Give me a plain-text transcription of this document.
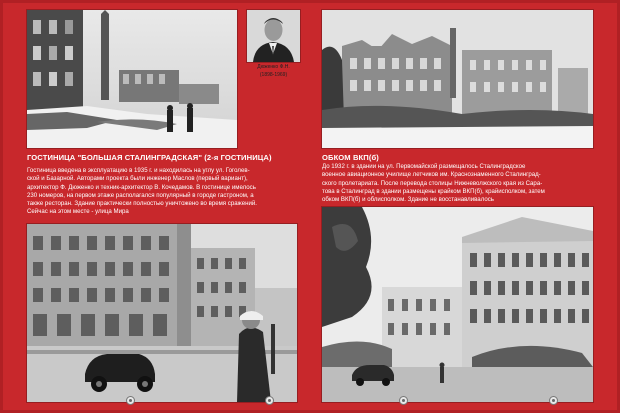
Дюженко Ф.Н.
(1898-1969)
ГОСТИНИЦА "БОЛЬШАЯ СТАЛИНГРАДСКАЯ" (2-я ГОСТИНИЦА)
Гостиница введена в эксплуатацию в 1935 г. и находилась на углу ул. Гоголев-
ской и Базарной. Авторами проекта были инженер Маслов (первый вариант),
архитектор Ф. Дюженко и техник-архитектор В. Кочедамов. В гостинице имелось
230 номеров, на первом этаже располагался популярный в городе гастроном, а
также ресторан. Здание практически полностью уничтожено во время сражений.
Сейчас на этом месте - улица Мира
ОБКОМ ВКП(б)
До 1932 г. в здании на ул. Первомайской размещалось Сталинградское
военное авиационное училище летчиков им. Краснознаменного Сталинград-
ского пролетариата. После перевода столицы Нижневолжского края из Сара-
това в Сталинград в здании размещены крайком ВКП(б), крайисполком, затем
обком ВКП(б) и облисполком. Здание не восстанавливалось
